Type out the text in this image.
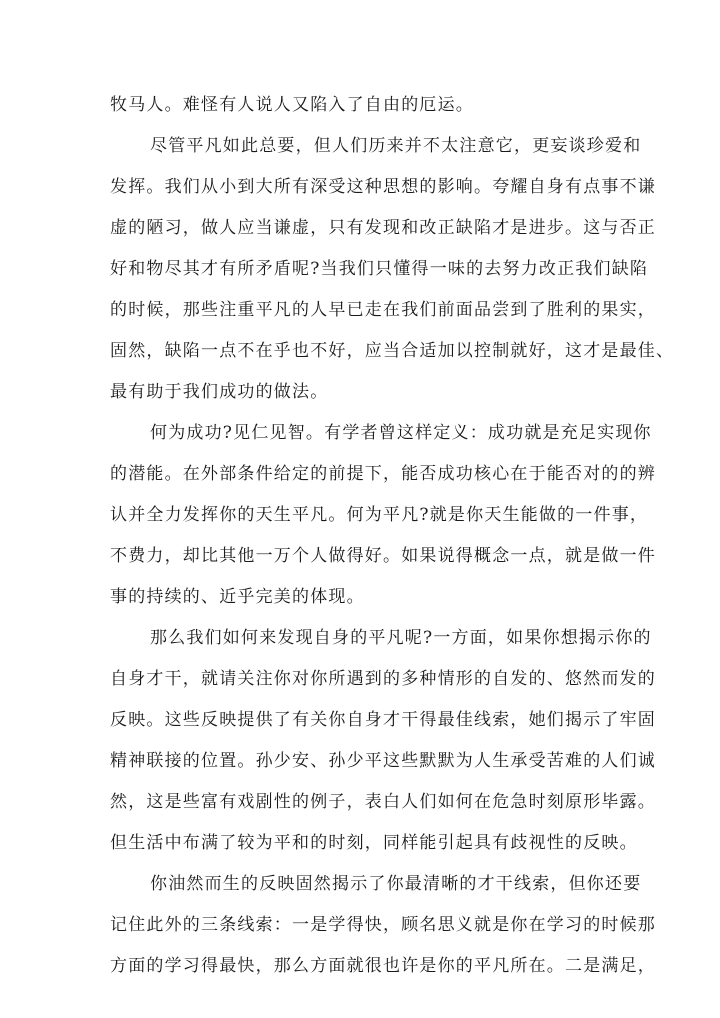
牧马人。难怪有人说人又陷入了自由的厄运。
尽管平凡如此总要，但人们历来并不太注意它，更妄谈珍爱和
发挥。我们从小到大所有深受这种思想的影响。夸耀自身有点事不谦
虚的陋习，做人应当谦虚，只有发现和改正缺陷才是进步。这与否正
好和物尽其才有所矛盾呢?当我们只懂得一味的去努力改正我们缺陷
的时候，那些注重平凡的人早已走在我们前面品尝到了胜利的果实，
固然，缺陷一点不在乎也不好，应当合适加以控制就好，这才是最佳、
最有助于我们成功的做法。
何为成功?见仁见智。有学者曾这样定义：成功就是充足实现你
的潜能。在外部条件给定的前提下，能否成功核心在于能否对的的辨
认并全力发挥你的天生平凡。何为平凡?就是你天生能做的一件事，
不费力，却比其他一万个人做得好。如果说得概念一点，就是做一件
事的持续的、近乎完美的体现。
那么我们如何来发现自身的平凡呢?一方面，如果你想揭示你的
自身才干，就请关注你对你所遇到的多种情形的自发的、悠然而发的
反映。这些反映提供了有关你自身才干得最佳线索，她们揭示了牢固
精神联接的位置。孙少安、孙少平这些默默为人生承受苦难的人们诚
然，这是些富有戏剧性的例子，表白人们如何在危急时刻原形毕露。
但生活中布满了较为平和的时刻，同样能引起具有歧视性的反映。
你油然而生的反映固然揭示了你最清晰的才干线索，但你还要
记住此外的三条线索：一是学得快，顾名思义就是你在学习的时候那
方面的学习得最快，那么方面就很也许是你的平凡所在。二是满足，
